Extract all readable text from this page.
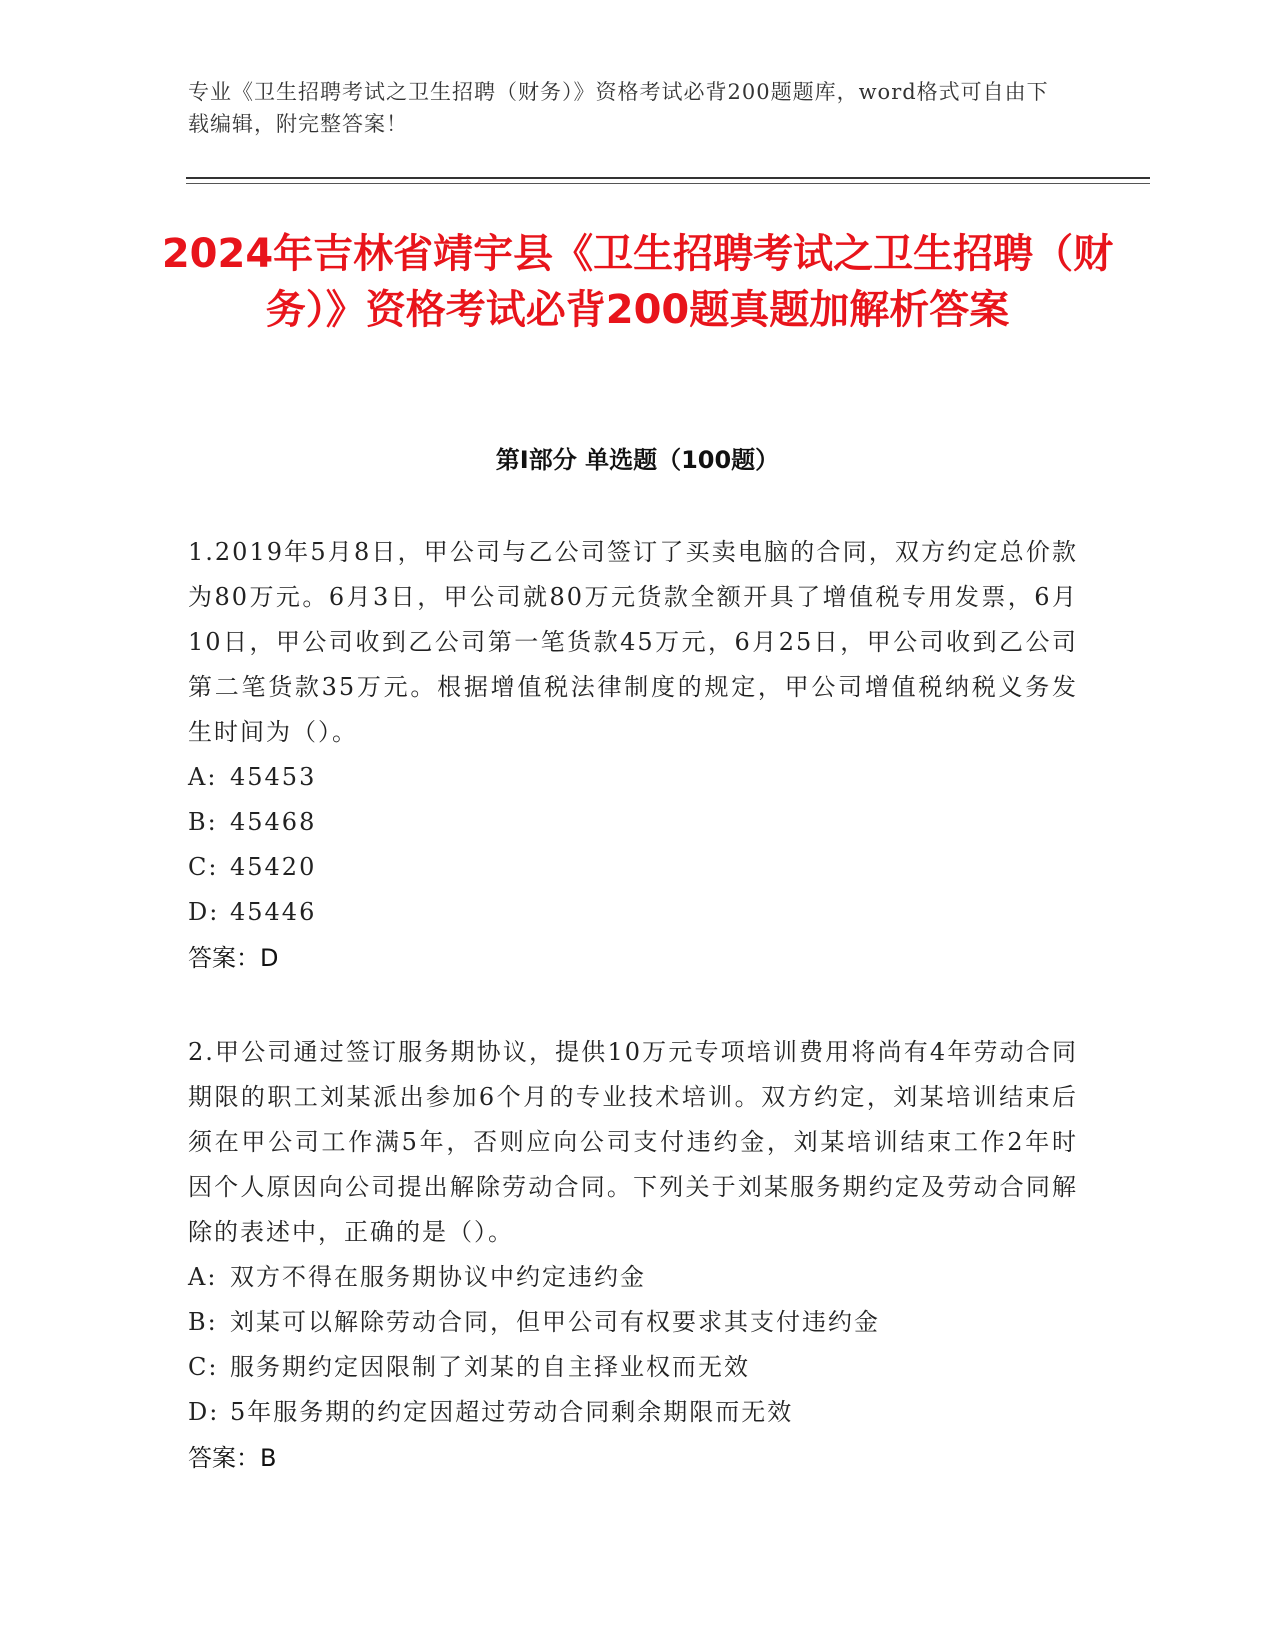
专业《卫生招聘考试之卫生招聘（财务）》资格考试必背200题题库，word格式可自由下载编辑，附完整答案！
2024年吉林省靖宇县《卫生招聘考试之卫生招聘（财务）》资格考试必背200题真题加解析答案
第I部分 单选题（100题）
1.2019年5月8日，甲公司与乙公司签订了买卖电脑的合同，双方约定总价款为80万元。6月3日，甲公司就80万元货款全额开具了增值税专用发票，6月10日，甲公司收到乙公司第一笔货款45万元，6月25日，甲公司收到乙公司第二笔货款35万元。根据增值税法律制度的规定，甲公司增值税纳税义务发生时间为（）。
A: 45453
B: 45468
C: 45420
D: 45446
答案： D
2.甲公司通过签订服务期协议，提供10万元专项培训费用将尚有4年劳动合同期限的职工刘某派出参加6个月的专业技术培训。双方约定，刘某培训结束后须在甲公司工作满5年，否则应向公司支付违约金，刘某培训结束工作2年时因个人原因向公司提出解除劳动合同。下列关于刘某服务期约定及劳动合同解除的表述中，正确的是（）。
A: 双方不得在服务期协议中约定违约金
B: 刘某可以解除劳动合同，但甲公司有权要求其支付违约金
C: 服务期约定因限制了刘某的自主择业权而无效
D: 5年服务期的约定因超过劳动合同剩余期限而无效
答案： B
